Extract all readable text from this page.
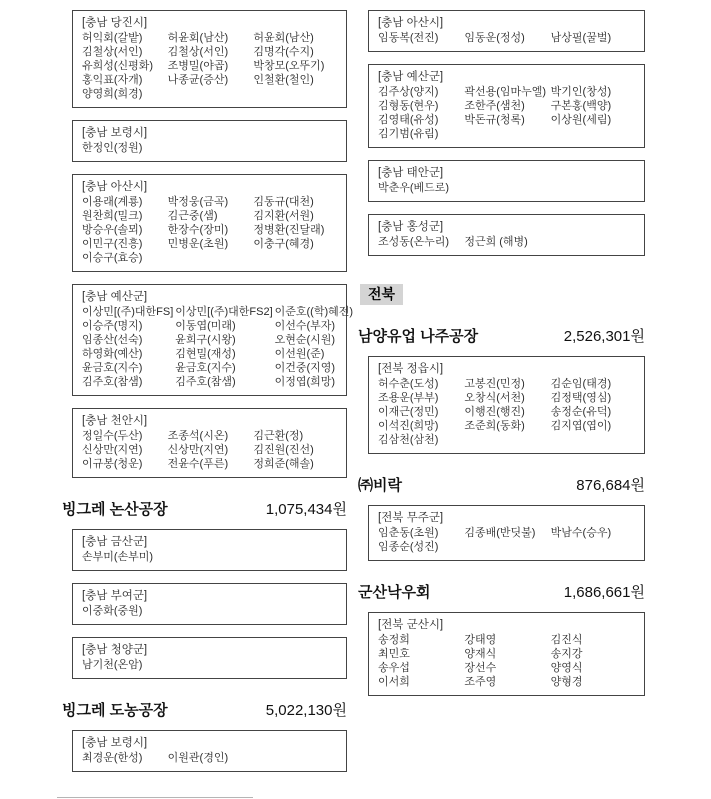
[충남 당진시]
허익회(갈밭)	허윤회(남산)	허윤회(남산)
김철상(서인)	김철상(서인)	김명각(수지)
유희성(신평화)	조병밀(야곱)	박창모(오뚜기)
홍익표(자개)	나종균(증산)	인철환(철인)
양영희(희경)
[충남 보령시]
한정인(정원)
[충남 아산시]
이용래(계룡)	박정웅(금곡)	김동규(대천)
원찬희(밀크)	김근중(샘)	김지환(서원)
방승우(솔뫼)	한장수(장미)	정병환(진달래)
이민구(진흥)	민병운(초원)	이충구(혜경)
이승구(효승)
[충남 예산군]
이상민[(주)대한FS] 이상민[(주)대한FS2] 이준호((학)혜전)
이승주(명지)	이동엽(미래)	이선수(부자)
임종산(선숙)	윤희구(시왕)	오현순(시원)
하영화(예산)	김현밀(재성)	이선원(준)
윤금호(지수)	윤금호(지수)	이건중(지영)
김주호(참샘)	김주호(참샘)	이정엽(희망)
[충남 천안시]
정일수(두산)	조종석(시온)	김근환(정)
신상만(지연)	신상만(지연)	김진원(진선)
이규봉(청운)	전윤수(푸른)	정희준(해솔)
빙그레 논산공장	1,075,434원
[충남 금산군]
손부미(손부미)
[충남 부여군]
이중화(중원)
[충남 청양군]
남기천(온암)
빙그레 도농공장	5,022,130원
[충남 보령시]
최경운(한성)	이원관(경인)
[충남 아산시]
임동복(전진)	임동운(정성)	남상필(꿀벌)
[충남 예산군]
김주상(양지)	곽선용(임마누엘) 박기인(창성)
김형동(현우)	조한주(샘천)	구본홍(백양)
김영태(유성)	박돈규(청록)	이상원(세림)
김기범(유림)
[충남 태안군]
박춘우(베드로)
[충남 홍성군]
조성동(온누리)	정근희 (해병)
전북
남양유업 나주공장	2,526,301원
[전북 정읍시]
허수춘(도성)	고봉진(민정)	김순임(태경)
조용운(부부)	오창식(서천)	김정택(영심)
이재근(정민)	이행진(행진)	송정순(유덕)
이석진(희망)	조준희(동화)	김지엽(엽이)
김삼천(삼천)
㈜비락	876,684원
[전북 무주군]
임춘동(초원)	김종배(반딧불)	박남수(승우)
임종순(성진)
군산낙우회	1,686,661원
[전북 군산시]
송정희	강태영	김진식
최민호	양재식	송지강
송우섭	장선수	양영식
이서희	조주영	양형경
